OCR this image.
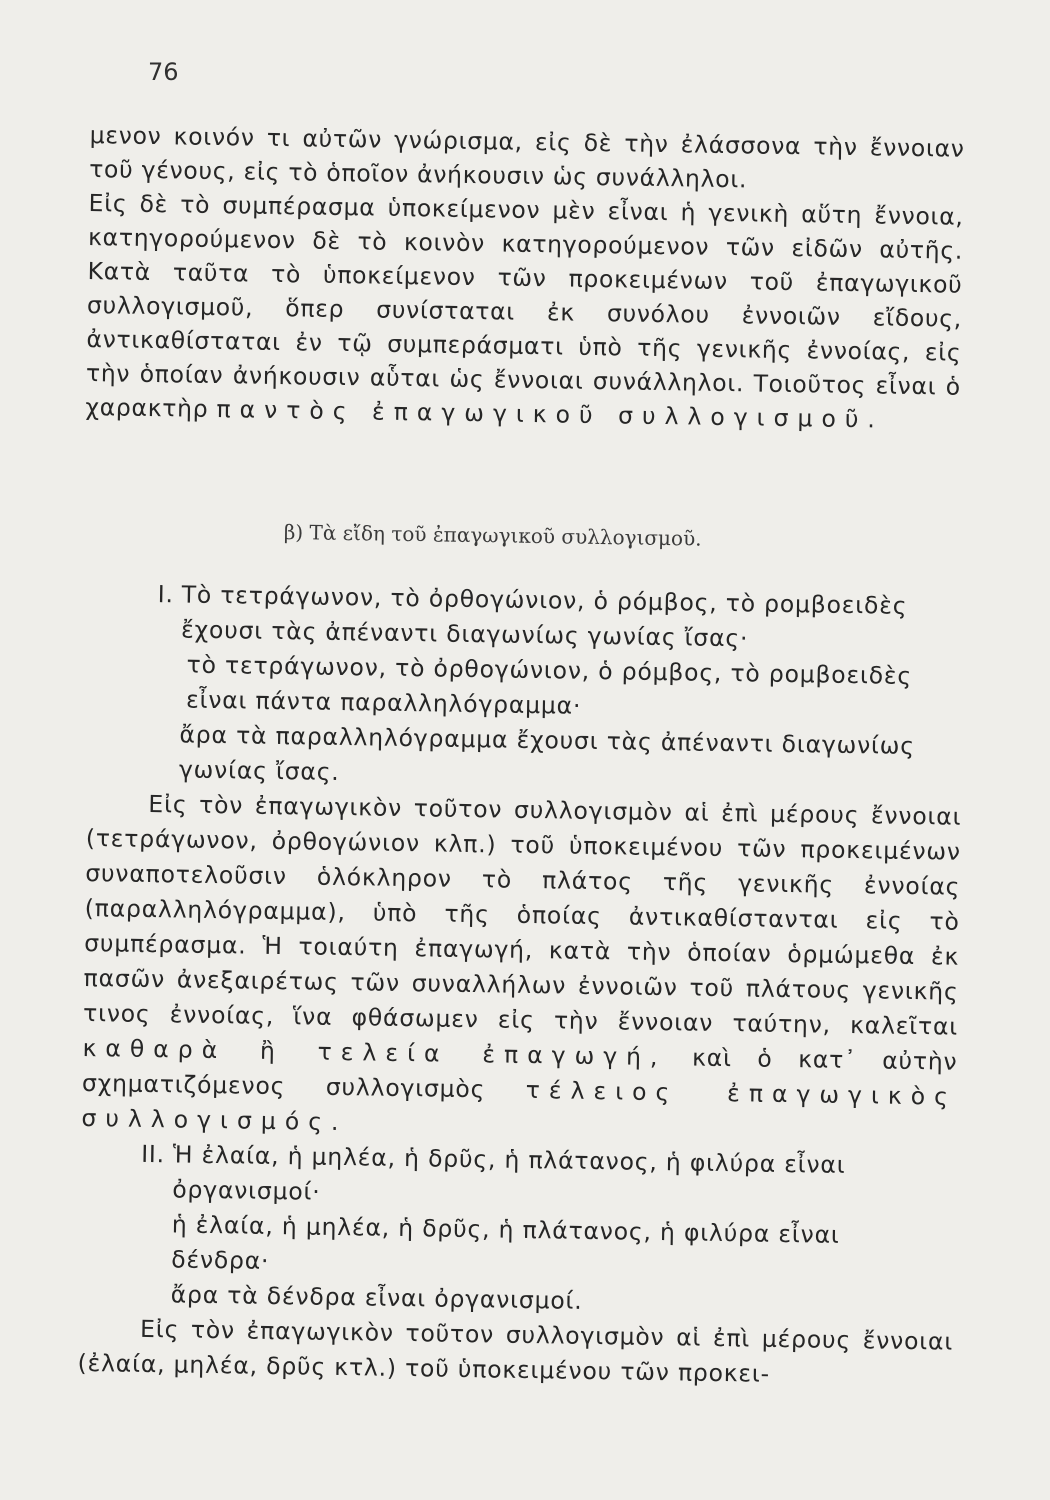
76

μενον κοινόν τι αὐτῶν γνώρισμα, εἰς δὲ τὴν ἐλάσσονα τὴν ἔννοιαν τοῦ γένους, εἰς τὸ ὁποῖον ἀνήκουσιν ὡς συνάλληλοι.

Εἰς δὲ τὸ συμπέρασμα ὑποκείμενον μὲν εἶναι ἡ γενικὴ αὕτη ἔννοια, κατηγορούμενον δὲ τὸ κοινὸν κατηγορούμενον τῶν εἰδῶν αὐτῆς. Κατὰ ταῦτα τὸ ὑποκείμενον τῶν προκειμένων τοῦ ἐπαγωγικοῦ συλλογισμοῦ, ὅπερ συνίσταται ἐκ συνόλου ἐννοιῶν εἴδους, ἀντικαθίσταται ἐν τῷ συμπεράσματι ὑπὸ τῆς γενικῆς ἐννοίας, εἰς τὴν ὁποίαν ἀνήκουσιν αὗται ὡς ἔννοιαι συνάλληλοι. Τοιοῦτος εἶναι ὁ χαρακτὴρ παντὸς ἐπαγωγικοῦ συλλογισμοῦ.

β) Τὰ εἴδη τοῦ ἐπαγωγικοῦ συλλογισμοῦ.
I. Τὸ τετράγωνον, τὸ ὀρθογώνιον, ὁ ρόμβος, τὸ ρομβοειδὲς ἔχουσι τὰς ἀπέναντι διαγωνίως γωνίας ἴσας·

τὸ τετράγωνον, τὸ ὀρθογώνιον, ὁ ρόμβος, τὸ ρομβοειδὲς εἶναι πάντα παραλληλόγραμμα·

ἄρα τὰ παραλληλόγραμμα ἔχουσι τὰς ἀπέναντι διαγωνίως γωνίας ἴσας.

Εἰς τὸν ἐπαγωγικὸν τοῦτον συλλογισμὸν αἱ ἐπὶ μέρους ἔννοιαι (τετράγωνον, ὀρθογώνιον κλπ.) τοῦ ὑποκειμένου τῶν προκειμένων συναποτελοῦσιν ὁλόκληρον τὸ πλάτος τῆς γενικῆς ἐννοίας (παραλληλόγραμμα), ὑπὸ τῆς ὁποίας ἀντικαθίστανται εἰς τὸ συμπέρασμα. Ἡ τοιαύτη ἐπαγωγή, κατὰ τὴν ὁποίαν ὁρμώμεθα ἐκ πασῶν ἀνεξαιρέτως τῶν συναλλήλων ἐννοιῶν τοῦ πλάτους γενικῆς τινος ἐννοίας, ἵνα φθάσωμεν εἰς τὴν ἔννοιαν ταύτην, καλεῖται καθαρὰ ἢ τελεία ἐπαγωγή, καὶ ὁ κατ᾽ αὐτὴν σχηματιζόμενος συλλογισμὸς τέλειος ἐπαγωγικὸς συλλογισμός.

II. Ἡ ἐλαία, ἡ μηλέα, ἡ δρῦς, ἡ πλάτανος, ἡ φιλύρα εἶναι ὀργανισμοί·

ἡ ἐλαία, ἡ μηλέα, ἡ δρῦς, ἡ πλάτανος, ἡ φιλύρα εἶναι δένδρα·

ἄρα τὰ δένδρα εἶναι ὀργανισμοί.

Εἰς τὸν ἐπαγωγικὸν τοῦτον συλλογισμὸν αἱ ἐπὶ μέρους ἔννοιαι (ἐλαία, μηλέα, δρῦς κτλ.) τοῦ ὑποκειμένου τῶν προκει-
